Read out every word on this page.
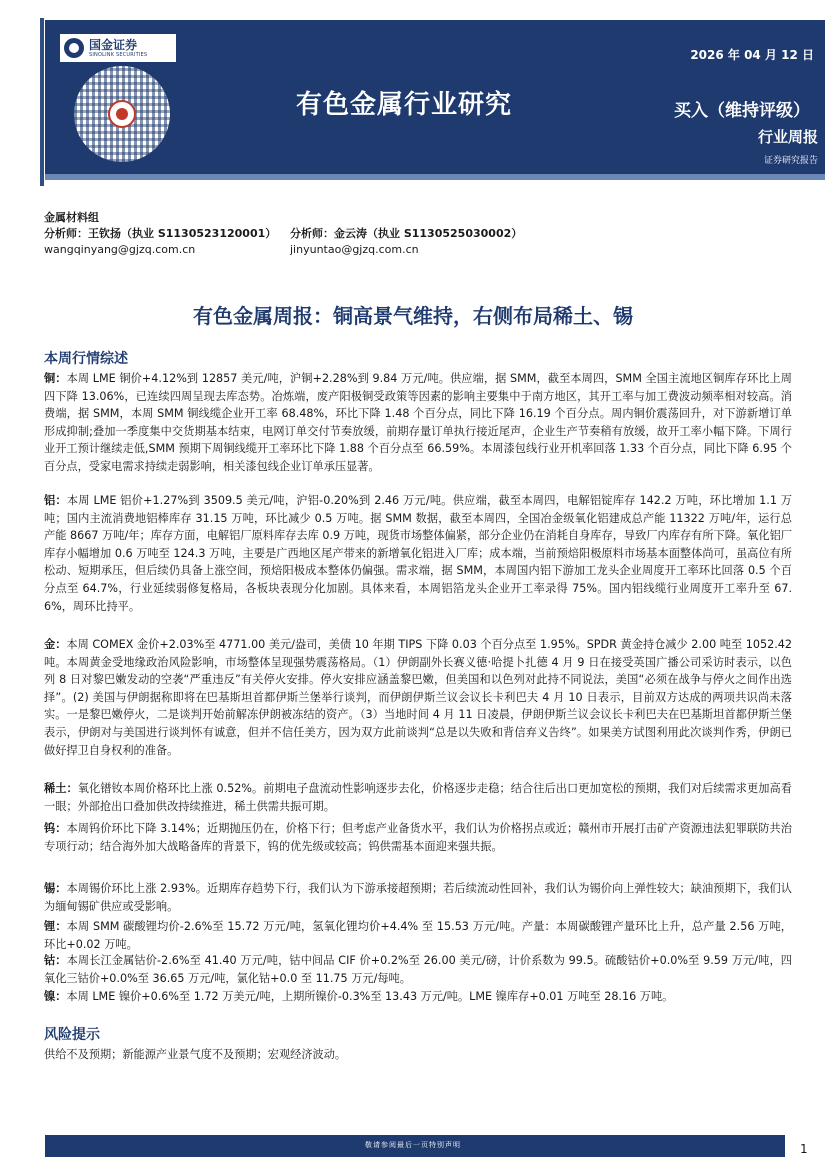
国金证券
SINOLINK SECURITIES	2026 年 04 月 12 日
有色金属行业研究	买入（维持评级）
行业周报
证券研究报告
金属材料组
分析师：王钦扬（执业 S1130523120001）	分析师：金云涛（执业 S1130525030002）
wangqinyang@gjzq.com.cn	jinyuntao@gjzq.com.cn
有色金属周报：铜高景气维持，右侧布局稀土、锡
本周行情综述
铜：本周 LME 铜价+4.12%到 12857 美元/吨，沪铜+2.28%到 9.84 万元/吨。供应端，据 SMM，截至本周四，SMM 全国主流地区铜库存环比上周四下降 13.06%，已连续四周呈现去库态势。冶炼端，废产阳极铜受政策等因素的影响主要集中于南方地区，其开工率与加工费波动频率相对较高。消费端，据 SMM，本周 SMM 铜线缆企业开工率 68.48%，环比下降 1.48 个百分点，同比下降 16.19 个百分点。周内铜价震荡回升，对下游新增订单形成抑制;叠加一季度集中交货期基本结束，电网订单交付节奏放缓，前期存量订单执行接近尾声，企业生产节奏稍有放缓，故开工率小幅下降。下周行业开工预计继续走低,SMM 预期下周铜线缆开工率环比下降 1.88 个百分点至 66.59%。本周漆包线行业开机率回落 1.33 个百分点，同比下降 6.95 个百分点，受家电需求持续走弱影响，相关漆包线企业订单承压显著。
铝：本周 LME 铝价+1.27%到 3509.5 美元/吨，沪铝-0.20%到 2.46 万元/吨。供应端，截至本周四，电解铝锭库存 142.2 万吨，环比增加 1.1 万吨；国内主流消费地铝棒库存 31.15 万吨，环比减少 0.5 万吨。据 SMM 数据，截至本周四，全国冶金级氧化铝建成总产能 11322 万吨/年，运行总产能 8667 万吨/年；库存方面，电解铝厂原料库存去库 0.9 万吨，现货市场整体偏紧，部分企业仍在消耗自身库存，导致厂内库存有所下降。氧化铝厂库存小幅增加 0.6 万吨至 124.3 万吨，主要是广西地区尾产带来的新增氧化铝进入厂库；成本端，当前预焙阳极原料市场基本面整体尚可，虽高位有所松动、短期承压，但后续仍具备上涨空间，预焙阳极成本整体仍偏强。需求端，据 SMM，本周国内铝下游加工龙头企业周度开工率环比回落 0.5 个百分点至 64.7%，行业延续弱修复格局，各板块表现分化加剧。具体来看，本周铝箔龙头企业开工率录得 75%。国内铝线缆行业周度开工率升至 67.6%，周环比持平。
金：本周 COMEX 金价+2.03%至 4771.00 美元/盎司，美债 10 年期 TIPS 下降 0.03 个百分点至 1.95%。SPDR 黄金持仓减少 2.00 吨至 1052.42 吨。本周黄金受地缘政治风险影响，市场整体呈现强势震荡格局。（1）伊朗副外长赛义德·哈提卜扎德 4 月 9 日在接受英国广播公司采访时表示，以色列 8 日对黎巴嫩发动的空袭“严重违反”有关停火安排。停火安排应涵盖黎巴嫩，但美国和以色列对此持不同说法，美国“必须在战争与停火之间作出选择”。(2) 美国与伊朗据称即将在巴基斯坦首都伊斯兰堡举行谈判，而伊朗伊斯兰议会议长卡利巴夫 4 月 10 日表示，目前双方达成的两项共识尚未落实。一是黎巴嫩停火，二是谈判开始前解冻伊朗被冻结的资产。（3）当地时间 4 月 11 日凌晨，伊朗伊斯兰议会议长卡利巴夫在巴基斯坦首都伊斯兰堡表示，伊朗对与美国进行谈判怀有诚意，但并不信任美方，因为双方此前谈判“总是以失败和背信弃义告终”。如果美方试图利用此次谈判作秀，伊朗已做好捍卫自身权利的准备。
稀土：氧化镨钕本周价格环比上涨 0.52%。前期电子盘流动性影响逐步去化，价格逐步走稳；结合往后出口更加宽松的预期，我们对后续需求更加高看一眼；外部抢出口叠加供改持续推进，稀土供需共振可期。
钨：本周钨价环比下降 3.14%；近期抛压仍在，价格下行；但考虑产业备货水平，我们认为价格拐点或近；赣州市开展打击矿产资源违法犯罪联防共治专项行动；结合海外加大战略备库的背景下，钨的优先级或较高；钨供需基本面迎来强共振。
锡：本周锡价环比上涨 2.93%。近期库存趋势下行，我们认为下游承接超预期；若后续流动性回补，我们认为锡价向上弹性较大；缺油预期下，我们认为缅甸锡矿供应或受影响。
锂：本周 SMM 碳酸锂均价-2.6%至 15.72 万元/吨，氢氧化锂均价+4.4% 至 15.53 万元/吨。产量：本周碳酸锂产量环比上升，总产量 2.56 万吨，环比+0.02 万吨。
钴：本周长江金属钴价-2.6%至 41.40 万元/吨，钴中间品 CIF 价+0.2%至 26.00 美元/磅，计价系数为 99.5。硫酸钴价+0.0%至 9.59 万元/吨，四氧化三钴价+0.0%至 36.65 万元/吨，氯化钴+0.0 至 11.75 万元/每吨。
镍：本周 LME 镍价+0.6%至 1.72 万美元/吨，上期所镍价-0.3%至 13.43 万元/吨。LME 镍库存+0.01 万吨至 28.16 万吨。
风险提示
供给不及预期；新能源产业景气度不及预期；宏观经济波动。
敬请参阅最后一页特别声明	1
